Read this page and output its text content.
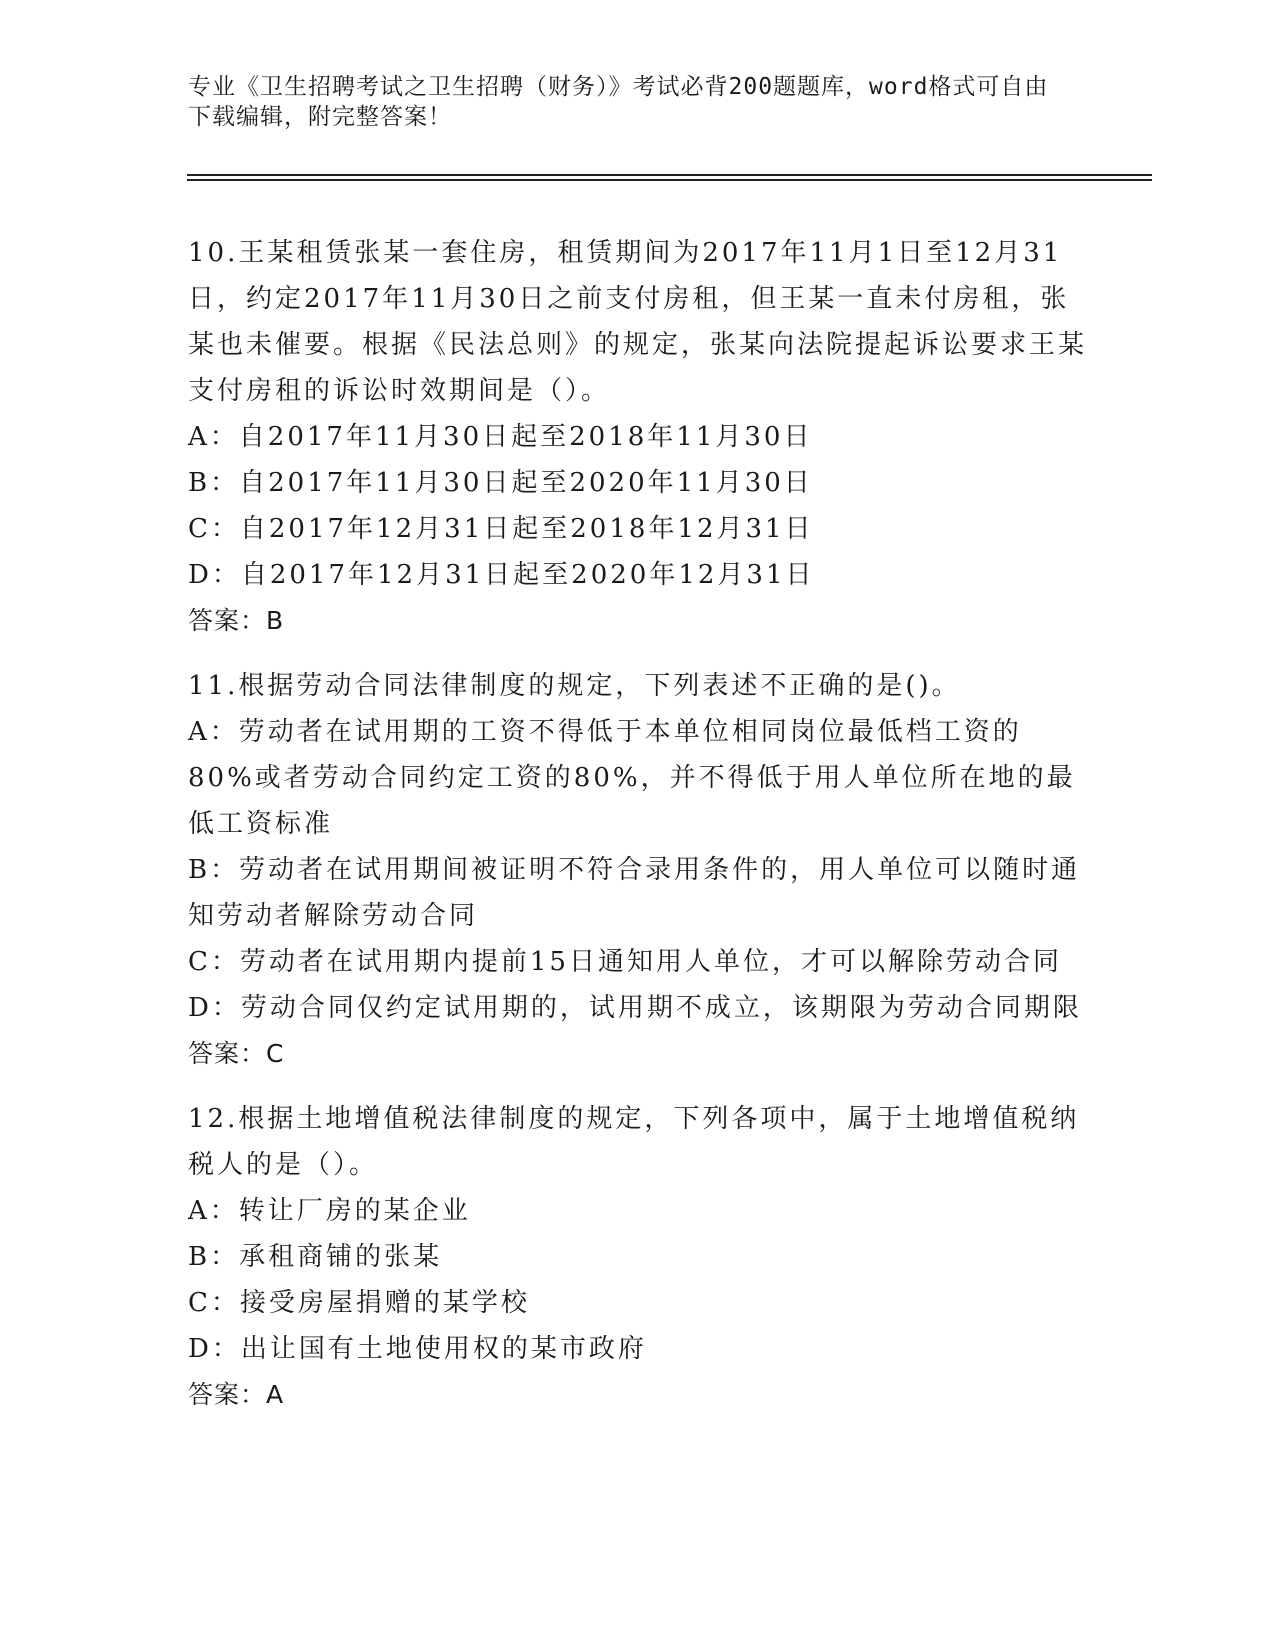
专业《卫生招聘考试之卫生招聘（财务）》考试必背200题题库，word格式可自由下载编辑，附完整答案！

10.王某租赁张某一套住房，租赁期间为2017年11月1日至12月31日，约定2017年11月30日之前支付房租，但王某一直未付房租，张某也未催要。根据《民法总则》的规定，张某向法院提起诉讼要求王某支付房租的诉讼时效期间是（）。

A：自2017年11月30日起至2018年11月30日

B：自2017年11月30日起至2020年11月30日

C：自2017年12月31日起至2018年12月31日

D：自2017年12月31日起至2020年12月31日

答案：B

11.根据劳动合同法律制度的规定，下列表述不正确的是()。

A：劳动者在试用期的工资不得低于本单位相同岗位最低档工资的80%或者劳动合同约定工资的80%，并不得低于用人单位所在地的最低工资标准

B：劳动者在试用期间被证明不符合录用条件的，用人单位可以随时通知劳动者解除劳动合同

C：劳动者在试用期内提前15日通知用人单位，才可以解除劳动合同

D：劳动合同仅约定试用期的，试用期不成立，该期限为劳动合同期限

答案：C

12.根据土地增值税法律制度的规定，下列各项中，属于土地增值税纳税人的是（）。

A：转让厂房的某企业

B：承租商铺的张某

C：接受房屋捐赠的某学校

D：出让国有土地使用权的某市政府

答案：A
